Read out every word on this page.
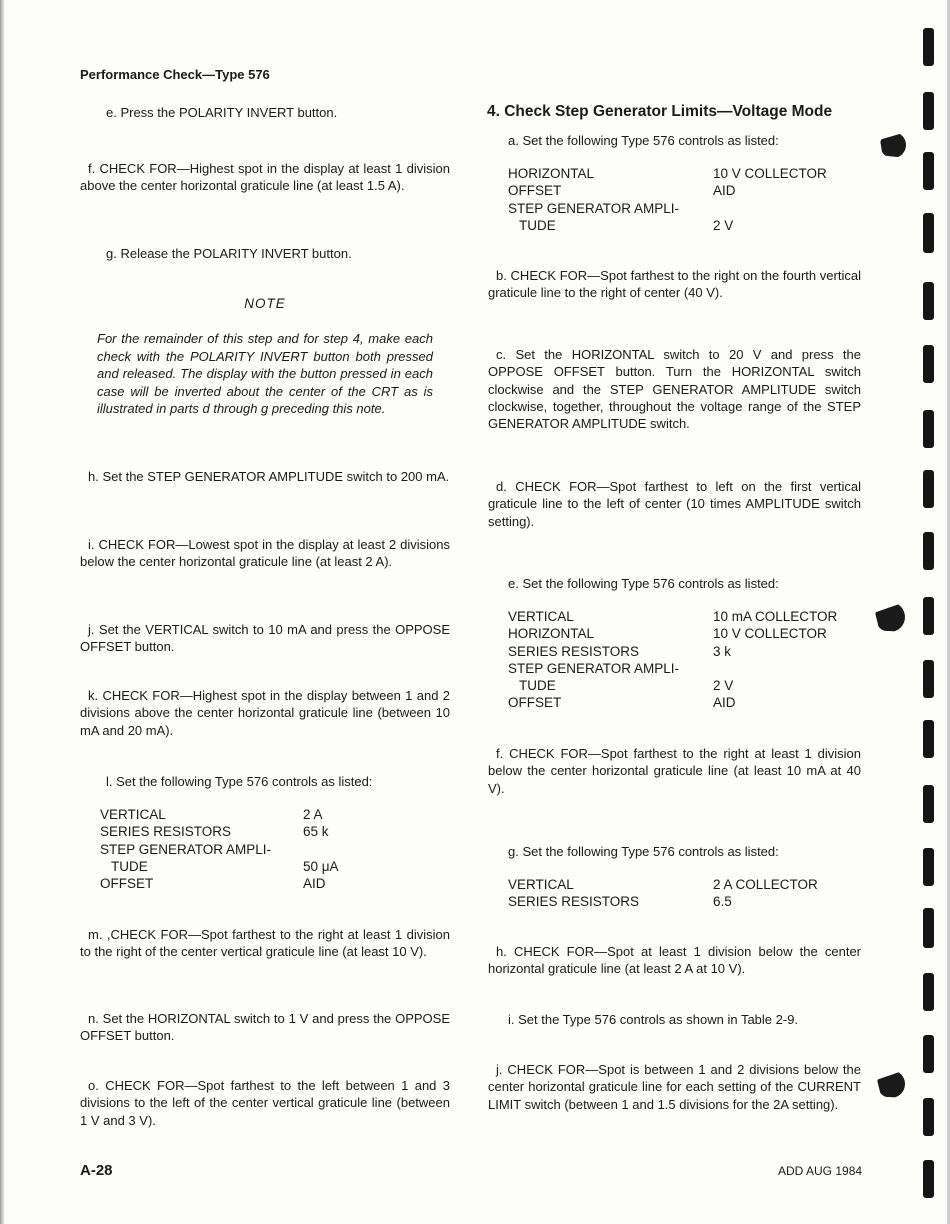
Performance Check—Type 576
e. Press the POLARITY INVERT button.
f. CHECK FOR—Highest spot in the display at least 1 division above the center horizontal graticule line (at least 1.5 A).
g. Release the POLARITY INVERT button.
NOTE
For the remainder of this step and for step 4, make each check with the POLARITY INVERT button both pressed and released. The display with the button pressed in each case will be inverted about the center of the CRT as is illustrated in parts d through g preceding this note.
h. Set the STEP GENERATOR AMPLITUDE switch to 200 mA.
i. CHECK FOR—Lowest spot in the display at least 2 divisions below the center horizontal graticule line (at least 2 A).
j. Set the VERTICAL switch to 10 mA and press the OPPOSE OFFSET button.
k. CHECK FOR—Highest spot in the display between 1 and 2 divisions above the center horizontal graticule line (between 10 mA and 20 mA).
l. Set the following Type 576 controls as listed:
VERTICAL	2 A
SERIES RESISTORS	65 k
STEP GENERATOR AMPLI-
TUDE	50 μA
OFFSET	AID
m. ,CHECK FOR—Spot farthest to the right at least 1 division to the right of the center vertical graticule line (at least 10 V).
n. Set the HORIZONTAL switch to 1 V and press the OPPOSE OFFSET button.
o. CHECK FOR—Spot farthest to the left between 1 and 3 divisions to the left of the center vertical graticule line (between 1 V and 3 V).
4. Check Step Generator Limits—Voltage Mode
a. Set the following Type 576 controls as listed:
HORIZONTAL	10 V COLLECTOR
OFFSET	AID
STEP GENERATOR AMPLI-
TUDE	2 V
b. CHECK FOR—Spot farthest to the right on the fourth vertical graticule line to the right of center (40 V).
c. Set the HORIZONTAL switch to 20 V and press the OPPOSE OFFSET button. Turn the HORIZONTAL switch clockwise and the STEP GENERATOR AMPLITUDE switch clockwise, together, throughout the voltage range of the STEP GENERATOR AMPLITUDE switch.
d. CHECK FOR—Spot farthest to left on the first vertical graticule line to the left of center (10 times AMPLITUDE switch setting).
e. Set the following Type 576 controls as listed:
VERTICAL	10 mA COLLECTOR
HORIZONTAL	10 V COLLECTOR
SERIES RESISTORS	3 k
STEP GENERATOR AMPLI-
TUDE	2 V
OFFSET	AID
f. CHECK FOR—Spot farthest to the right at least 1 division below the center horizontal graticule line (at least 10 mA at 40 V).
g. Set the following Type 576 controls as listed:
VERTICAL	2 A COLLECTOR
SERIES RESISTORS	6.5
h. CHECK FOR—Spot at least 1 division below the center horizontal graticule line (at least 2 A at 10 V).
i. Set the Type 576 controls as shown in Table 2-9.
j. CHECK FOR—Spot is between 1 and 2 divisions below the center horizontal graticule line for each setting of the CURRENT LIMIT switch (between 1 and 1.5 divisions for the 2A setting).
A-28	ADD AUG 1984
